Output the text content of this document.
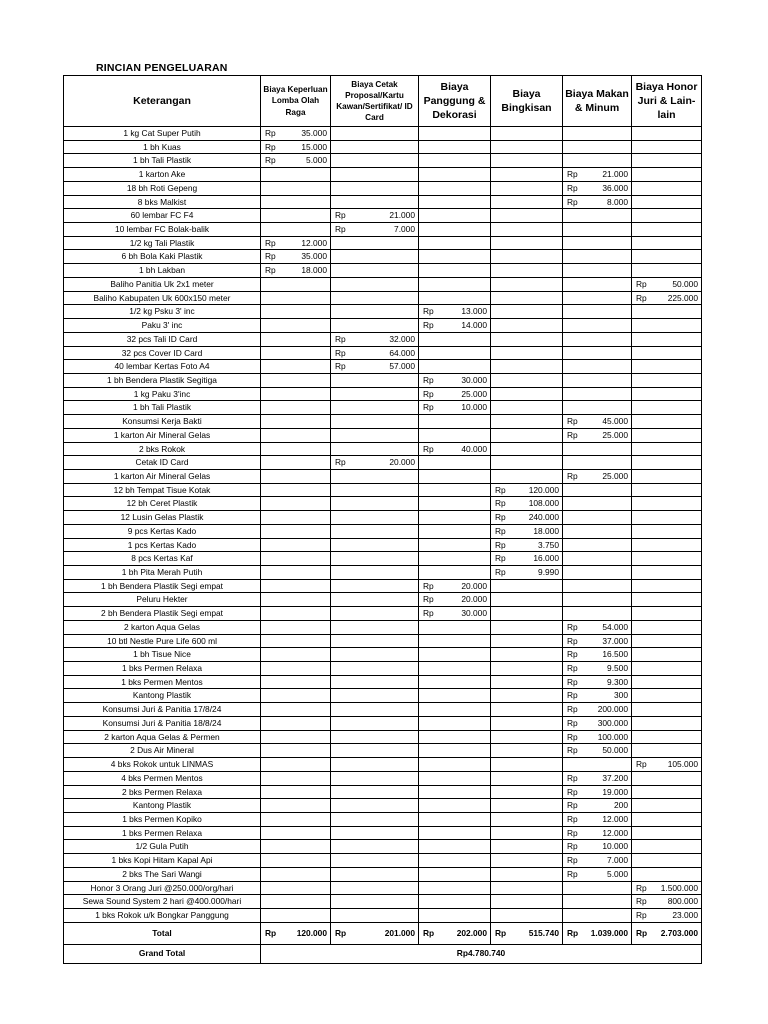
RINCIAN PENGELUARAN
Keterangan	Biaya Keperluan Lomba Olah Raga	Biaya Cetak Proposal/Kartu Kawan/Sertifikat/ ID Card	Biaya Panggung & Dekorasi	Biaya Bingkisan	Biaya Makan & Minum	Biaya Honor Juri & Lain-lain
1 kg Cat Super Putih	Rp 35.000					

1 bh Kuas	Rp 15.000					

1 bh Tali Plastik	Rp 5.000					

1 karton Ake					Rp 21.000	

18 bh Roti Gepeng					Rp 36.000	

8 bks Malkist					Rp 8.000	

60 lembar FC F4		Rp 21.000				

10 lembar FC Bolak-balik		Rp 7.000				

1/2 kg Tali Plastik	Rp 12.000					

6 bh Bola Kaki Plastik	Rp 35.000					

1 bh Lakban	Rp 18.000					

Baliho Panitia Uk 2x1 meter						Rp 50.000

Baliho Kabupaten Uk 600x150 meter						Rp 225.000

1/2 kg Psku 3' inc			Rp 13.000			

Paku 3' inc			Rp 14.000			

32 pcs Tali ID Card		Rp 32.000				

32 pcs Cover ID Card		Rp 64.000				

40 lembar Kertas Foto A4		Rp 57.000				

1 bh Bendera Plastik Segitiga			Rp 30.000			

1 kg Paku 3'inc			Rp 25.000			

1 bh Tali Plastik			Rp 10.000			

Konsumsi Kerja Bakti					Rp 45.000	

1 karton Air Mineral Gelas					Rp 25.000	

2 bks Rokok			Rp 40.000			

Cetak ID Card		Rp 20.000				

1 karton Air Mineral Gelas					Rp 25.000	

12 bh Tempat Tisue Kotak				Rp 120.000		

12 bh Ceret Plastik				Rp 108.000		

12 Lusin Gelas Plastik				Rp 240.000		

9 pcs Kertas Kado				Rp 18.000		

1 pcs Kertas Kado				Rp 3.750		

8 pcs Kertas Kaf				Rp 16.000		

1 bh Pita Merah Putih				Rp 9.990		

1 bh Bendera Plastik Segi empat			Rp 20.000			

Peluru Hekter			Rp 20.000			

2 bh Bendera Plastik Segi empat			Rp 30.000			

2 karton Aqua Gelas					Rp 54.000	

10 btl Nestle Pure Life 600 ml					Rp 37.000	

1 bh Tisue Nice					Rp 16.500	

1 bks Permen Relaxa					Rp 9.500	

1 bks Permen Mentos					Rp 9.300	

Kantong Plastik					Rp 300	

Konsumsi Juri & Panitia 17/8/24					Rp 200.000	

Konsumsi Juri & Panitia 18/8/24					Rp 300.000	

2 karton Aqua Gelas & Permen					Rp 100.000	

2 Dus Air Mineral					Rp 50.000	

4 bks Rokok untuk LINMAS						Rp 105.000

4 bks Permen Mentos					Rp 37.200	

2 bks Permen Relaxa					Rp 19.000	

Kantong Plastik					Rp 200	

1 bks Permen Kopiko					Rp 12.000	

1 bks Permen Relaxa					Rp 12.000	

1/2 Gula Putih					Rp 10.000	

1 bks Kopi Hitam Kapal Api					Rp 7.000	

2 bks The Sari Wangi					Rp 5.000	

Honor 3 Orang Juri @250.000/org/hari						Rp 1.500.000

Sewa Sound System 2 hari @400.000/hari						Rp 800.000

1 bks Rokok u/k Bongkar Panggung						Rp 23.000

Total	Rp 120.000	Rp 201.000	Rp 202.000	Rp 515.740	Rp 1.039.000	Rp 2.703.000

Grand Total	Rp4.780.740					
